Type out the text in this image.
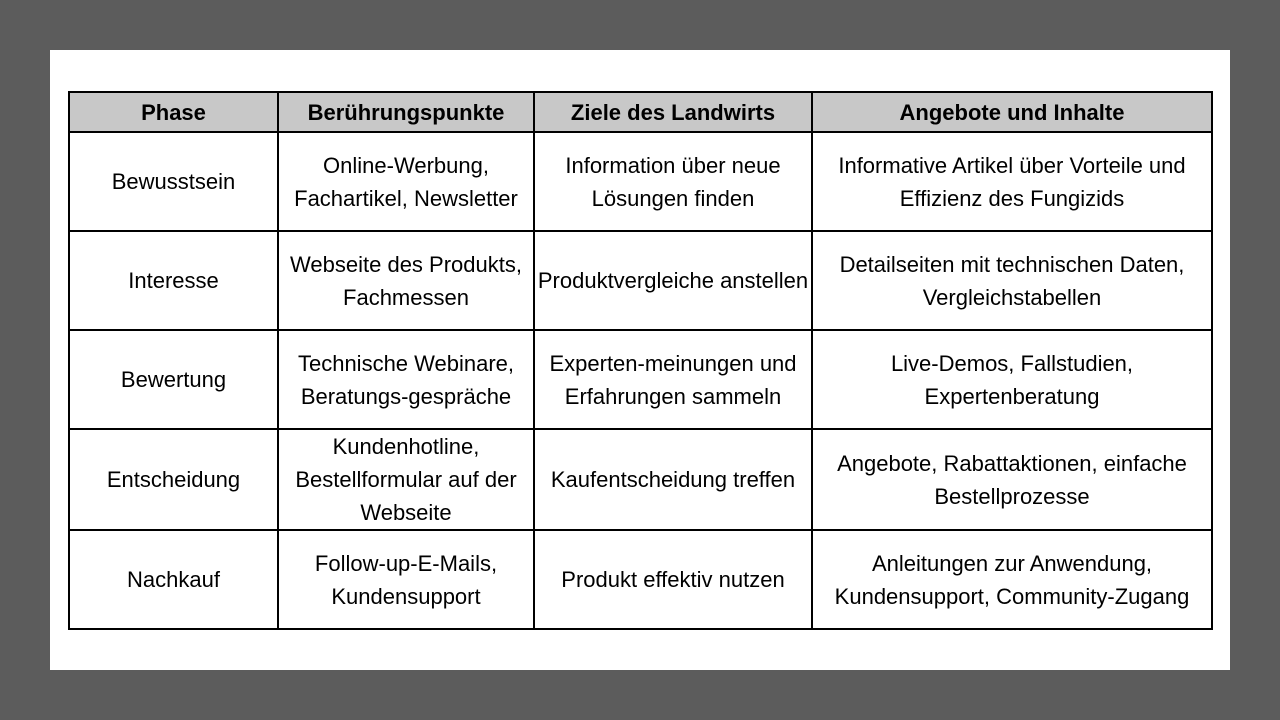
Phase	Berührungspunkte	Ziele des Landwirts	Angebote und Inhalte
Bewusstsein	Online-Werbung, Fachartikel, Newsletter	Information über neue Lösungen finden	Informative Artikel über Vorteile und Effizienz des Fungizids
Interesse	Webseite des Produkts, Fachmessen	Produktvergleiche anstellen	Detailseiten mit technischen Daten, Vergleichstabellen
Bewertung	Technische Webinare, Beratungs-gespräche	Experten-meinungen und Erfahrungen sammeln	Live-Demos, Fallstudien, Expertenberatung
Entscheidung	Kundenhotline, Bestellformular auf der Webseite	Kaufentscheidung treffen	Angebote, Rabattaktionen, einfache Bestellprozesse
Nachkauf	Follow-up-E-Mails, Kundensupport	Produkt effektiv nutzen	Anleitungen zur Anwendung, Kundensupport, Community-Zugang
